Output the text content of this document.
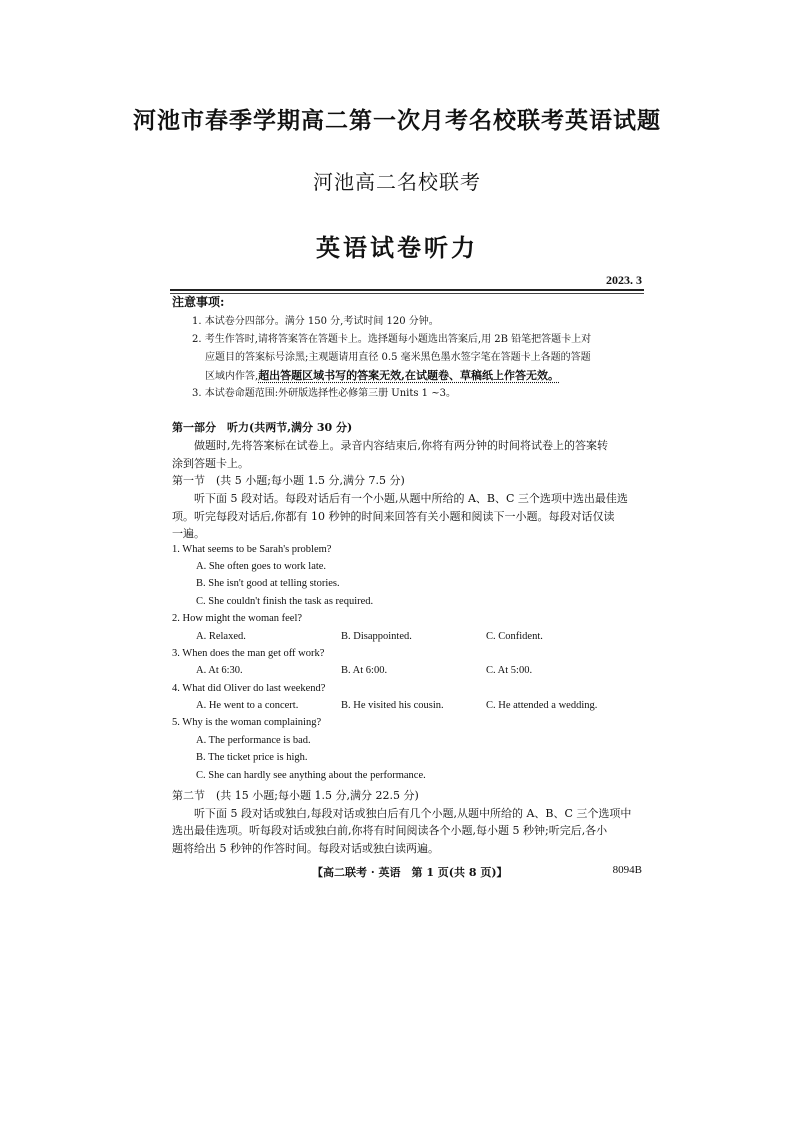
河池市春季学期高二第一次月考名校联考英语试题
河池高二名校联考
英语试卷听力
2023. 3
注意事项:
1. 本试卷分四部分。满分 150 分,考试时间 120 分钟。
2. 考生作答时,请将答案答在答题卡上。选择题每小题选出答案后,用 2B 铅笔把答题卡上对
应题目的答案标号涂黑;主观题请用直径 0.5 毫米黑色墨水签字笔在答题卡上各题的答题
区域内作答,超出答题区域书写的答案无效,在试题卷、草稿纸上作答无效。
3. 本试卷命题范围:外研版选择性必修第三册 Units 1 ~3。
第一部分　听力(共两节,满分 30 分)
做题时,先将答案标在试卷上。录音内容结束后,你将有两分钟的时间将试卷上的答案转
涂到答题卡上。
第一节　(共 5 小题;每小题 1.5 分,满分 7.5 分)
听下面 5 段对话。每段对话后有一个小题,从题中所给的 A、B、C 三个选项中选出最佳选
项。听完每段对话后,你都有 10 秒钟的时间来回答有关小题和阅读下一小题。每段对话仅读
一遍。
1. What seems to be Sarah's problem?
A. She often goes to work late.
B. She isn't good at telling stories.
C. She couldn't finish the task as required.
2. How might the woman feel?
A. Relaxed.	B. Disappointed.	C. Confident.
3. When does the man get off work?
A. At 6:30.	B. At 6:00.	C. At 5:00.
4. What did Oliver do last weekend?
A. He went to a concert.	B. He visited his cousin.	C. He attended a wedding.
5. Why is the woman complaining?
A. The performance is bad.
B. The ticket price is high.
C. She can hardly see anything about the performance.
第二节　(共 15 小题;每小题 1.5 分,满分 22.5 分)
听下面 5 段对话或独白,每段对话或独白后有几个小题,从题中所给的 A、B、C 三个选项中
选出最佳选项。听每段对话或独白前,你将有时间阅读各个小题,每小题 5 秒钟;听完后,各小
题将给出 5 秒钟的作答时间。每段对话或独白读两遍。
【高二联考 · 英语　第 1 页(共 8 页)】	8094B
